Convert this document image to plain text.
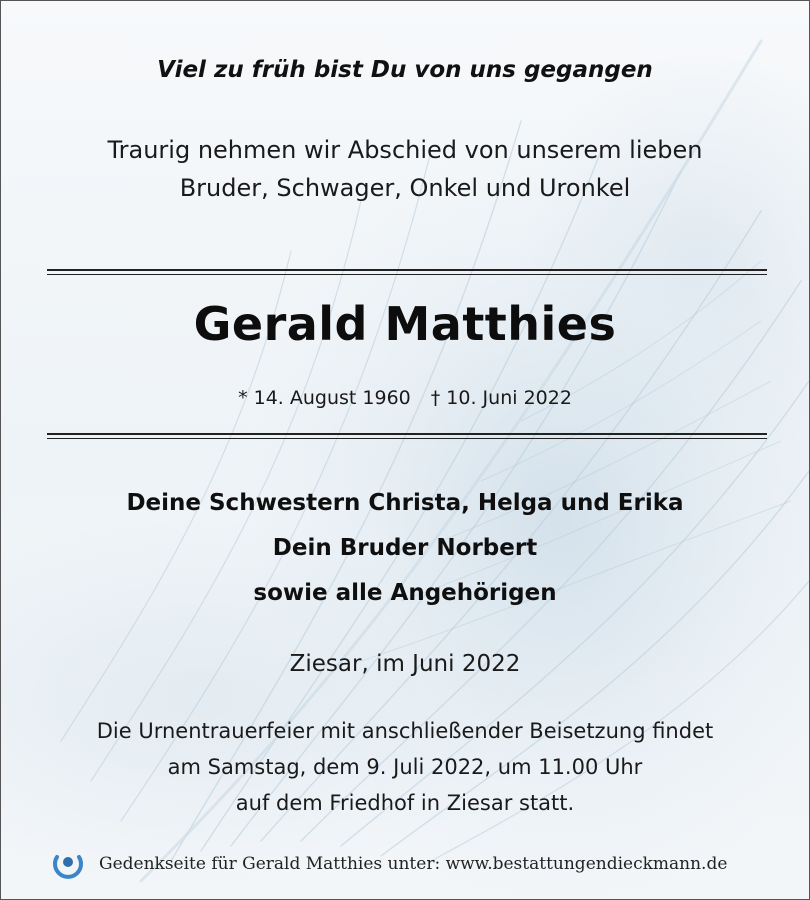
Viel zu früh bist Du von uns gegangen
Traurig nehmen wir Abschied von unserem lieben
Bruder, Schwager, Onkel und Uronkel
Gerald Matthies
* 14. August 1960 † 10. Juni 2022
Deine Schwestern Christa, Helga und Erika
Dein Bruder Norbert
sowie alle Angehörigen
Ziesar, im Juni 2022
Die Urnentrauerfeier mit anschließender Beisetzung findet
am Samstag, dem 9. Juli 2022, um 11.00 Uhr
auf dem Friedhof in Ziesar statt.
Gedenkseite für Gerald Matthies unter: www.bestattungendieckmann.de
